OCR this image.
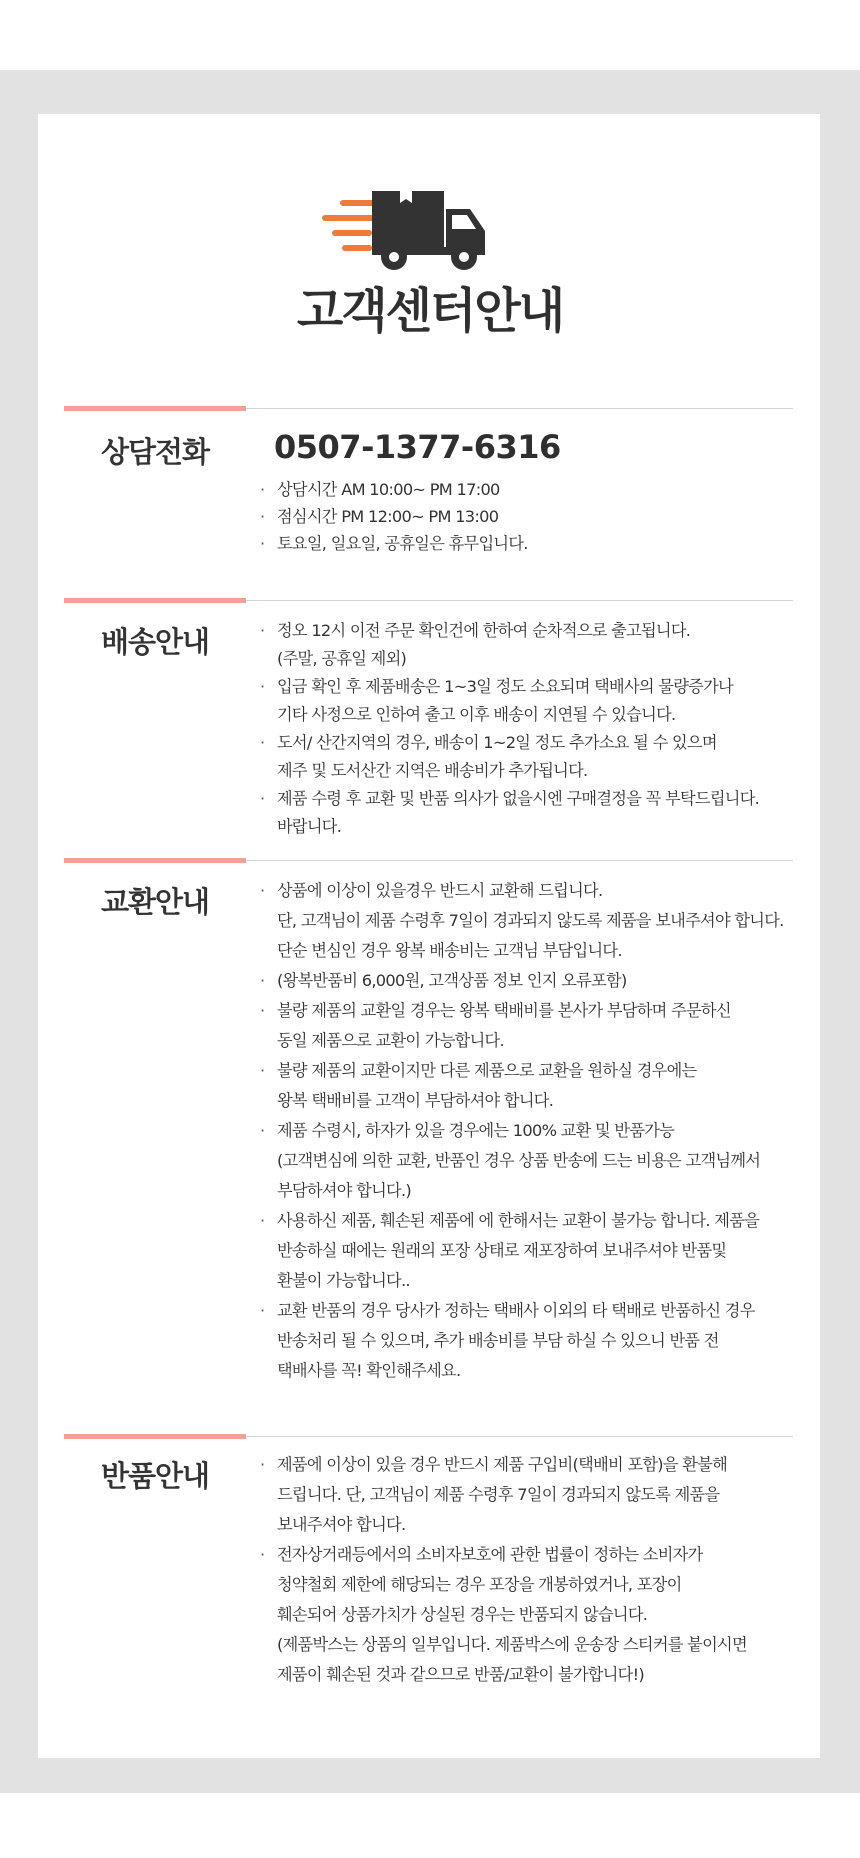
고객센터안내
상담전화	0507-1377-6316
· 상담시간 AM 10:00~ PM 17:00
· 점심시간 PM 12:00~ PM 13:00
· 토요일, 일요일, 공휴일은 휴무입니다.
배송안내	· 정오 12시 이전 주문 확인건에 한하여 순차적으로 출고됩니다.
(주말, 공휴일 제외)
· 입금 확인 후 제품배송은 1~3일 정도 소요되며 택배사의 물량증가나
기타 사정으로 인하여 출고 이후 배송이 지연될 수 있습니다.
· 도서/ 산간지역의 경우, 배송이 1~2일 정도 추가소요 될 수 있으며
제주 및 도서산간 지역은 배송비가 추가됩니다.
· 제품 수령 후 교환 및 반품 의사가 없을시엔 구매결정을 꼭 부탁드립니다.
바랍니다.
교환안내	· 상품에 이상이 있을경우 반드시 교환해 드립니다.
단, 고객님이 제품 수령후 7일이 경과되지 않도록 제품을 보내주셔야 합니다.
단순 변심인 경우 왕복 배송비는 고객님 부담입니다.
· (왕복반품비 6,000원, 고객상품 정보 인지 오류포함)
· 불량 제품의 교환일 경우는 왕복 택배비를 본사가 부담하며 주문하신
동일 제품으로 교환이 가능합니다.
· 불량 제품의 교환이지만 다른 제품으로 교환을 원하실 경우에는
왕복 택배비를 고객이 부담하셔야 합니다.
· 제품 수령시, 하자가 있을 경우에는 100% 교환 및 반품가능
(고객변심에 의한 교환, 반품인 경우 상품 반송에 드는 비용은 고객님께서
부담하셔야 합니다.)
· 사용하신 제품, 훼손된 제품에 에 한해서는 교환이 불가능 합니다. 제품을
반송하실 때에는 원래의 포장 상태로 재포장하여 보내주셔야 반품및
환불이 가능합니다..
· 교환 반품의 경우 당사가 정하는 택배사 이외의 타 택배로 반품하신 경우
반송처리 될 수 있으며, 추가 배송비를 부담 하실 수 있으니 반품 전
택배사를 꼭! 확인해주세요.
반품안내	· 제품에 이상이 있을 경우 반드시 제품 구입비(택배비 포함)을 환불해
드립니다. 단, 고객님이 제품 수령후 7일이 경과되지 않도록 제품을
보내주셔야 합니다.
· 전자상거래등에서의 소비자보호에 관한 법률이 정하는 소비자가
청약철회 제한에 해당되는 경우 포장을 개봉하였거나, 포장이
훼손되어 상품가치가 상실된 경우는 반품되지 않습니다.
(제품박스는 상품의 일부입니다. 제품박스에 운송장 스티커를 붙이시면
제품이 훼손된 것과 같으므로 반품/교환이 불가합니다!)
